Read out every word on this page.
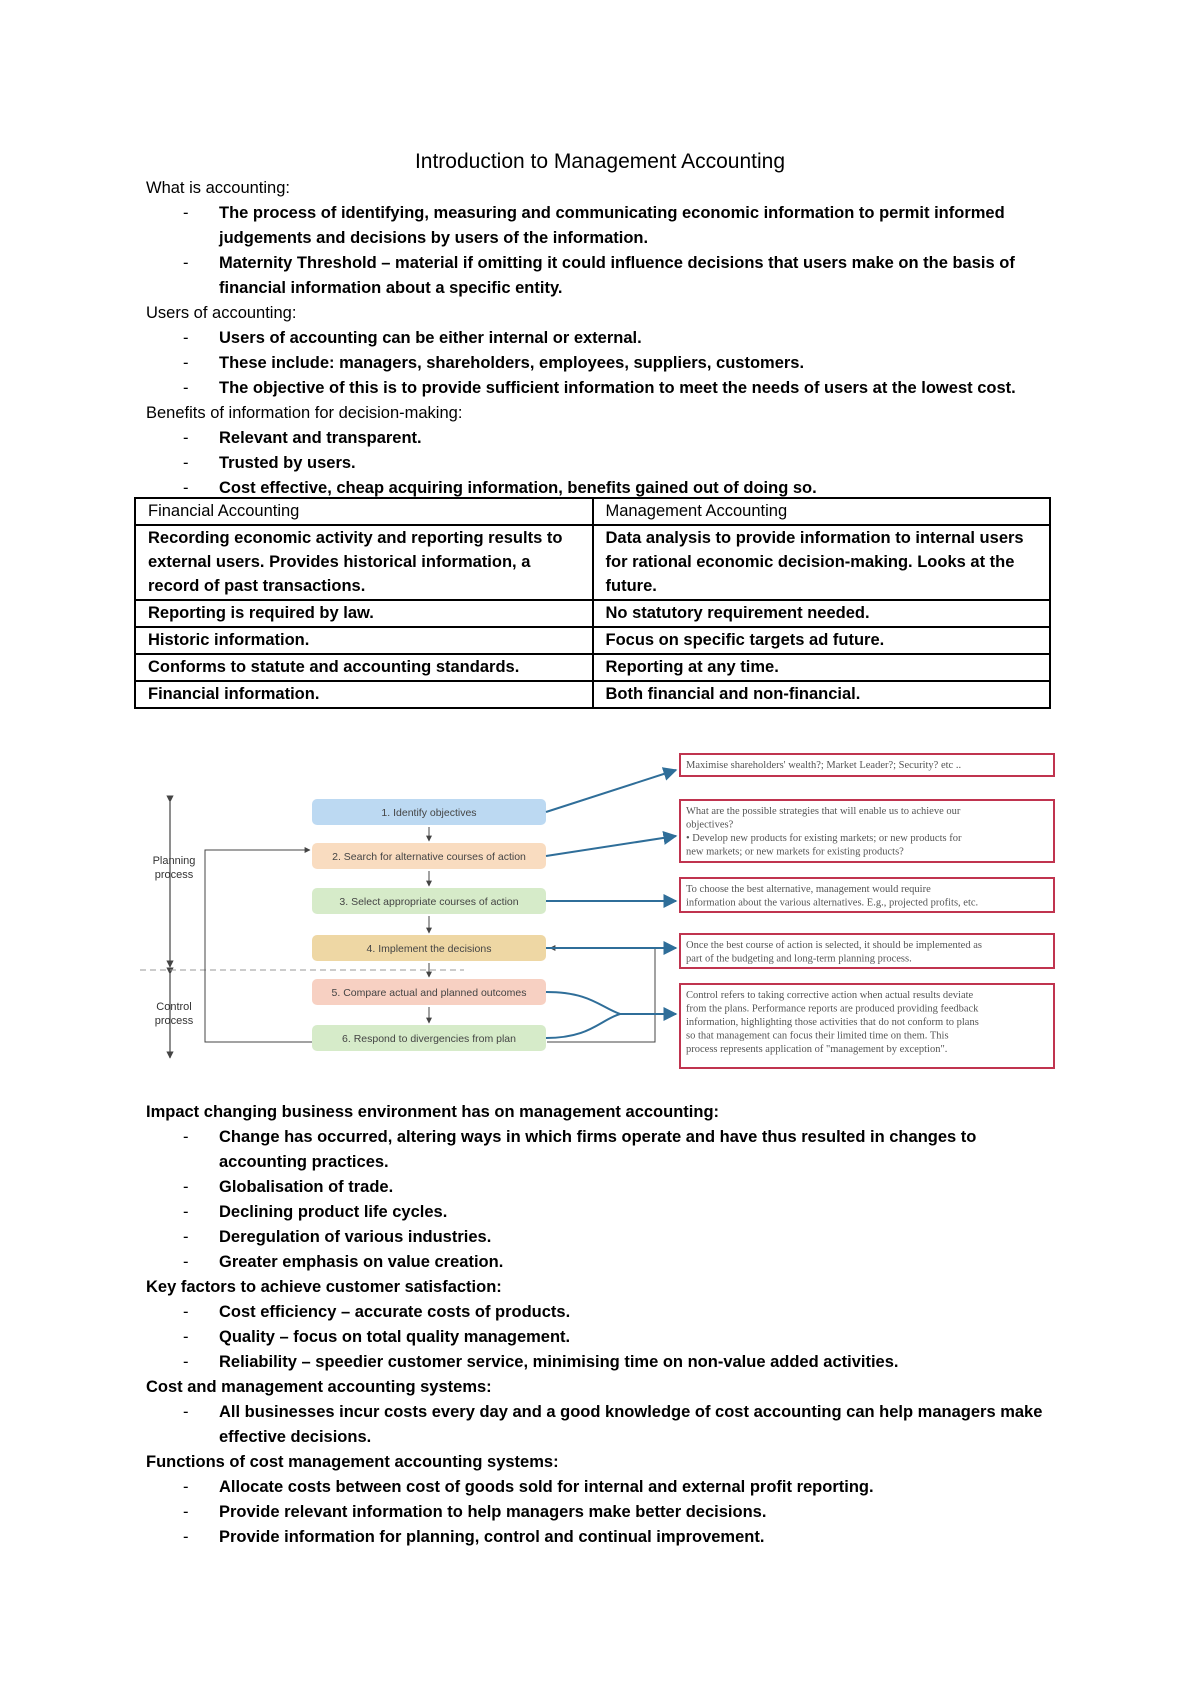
Introduction to Management Accounting
What is accounting:
- The process of identifying, measuring and communicating economic information to permit informed judgements and decisions by users of the information.
- Maternity Threshold – material if omitting it could influence decisions that users make on the basis of financial information about a specific entity.
Users of accounting:
- Users of accounting can be either internal or external.
- These include: managers, shareholders, employees, suppliers, customers.
- The objective of this is to provide sufficient information to meet the needs of users at the lowest cost.
Benefits of information for decision-making:
- Relevant and transparent.
- Trusted by users.
- Cost effective, cheap acquiring information, benefits gained out of doing so.
Financial Accounting	Management Accounting
Recording economic activity and reporting results to external users. Provides historical information, a record of past transactions.	Data analysis to provide information to internal users for rational economic decision-making. Looks at the future.
Reporting is required by law.	No statutory requirement needed.
Historic information.	Focus on specific targets ad future.
Conforms to statute and accounting standards.	Reporting at any time.
Financial information.	Both financial and non-financial.
1. Identify objectives
2. Search for alternative courses of action
3. Select appropriate courses of action
4. Implement the decisions
5. Compare actual and planned outcomes
6. Respond to divergencies from plan
Maximise shareholders' wealth?; Market Leader?; Security? etc ..
What are the possible strategies that will enable us to achieve our
objectives?
• Develop new products for existing markets; or new products for
new markets; or new markets for existing products?
To choose the best alternative, management would require
information about the various alternatives. E.g., projected profits, etc.
Once the best course of action is selected, it should be implemented as
part of the budgeting and long-term planning process.
Control refers to taking corrective action when actual results deviate
from the plans. Performance reports are produced providing feedback
information, highlighting those activities that do not conform to plans
so that management can focus their limited time on them. This
process represents application of "management by exception".
Planning
process
Control
process
Impact changing business environment has on management accounting:
- Change has occurred, altering ways in which firms operate and have thus resulted in changes to accounting practices.
- Globalisation of trade.
- Declining product life cycles.
- Deregulation of various industries.
- Greater emphasis on value creation.
Key factors to achieve customer satisfaction:
- Cost efficiency – accurate costs of products.
- Quality – focus on total quality management.
- Reliability – speedier customer service, minimising time on non-value added activities.
Cost and management accounting systems:
- All businesses incur costs every day and a good knowledge of cost accounting can help managers make effective decisions.
Functions of cost management accounting systems:
- Allocate costs between cost of goods sold for internal and external profit reporting.
- Provide relevant information to help managers make better decisions.
- Provide information for planning, control and continual improvement.
